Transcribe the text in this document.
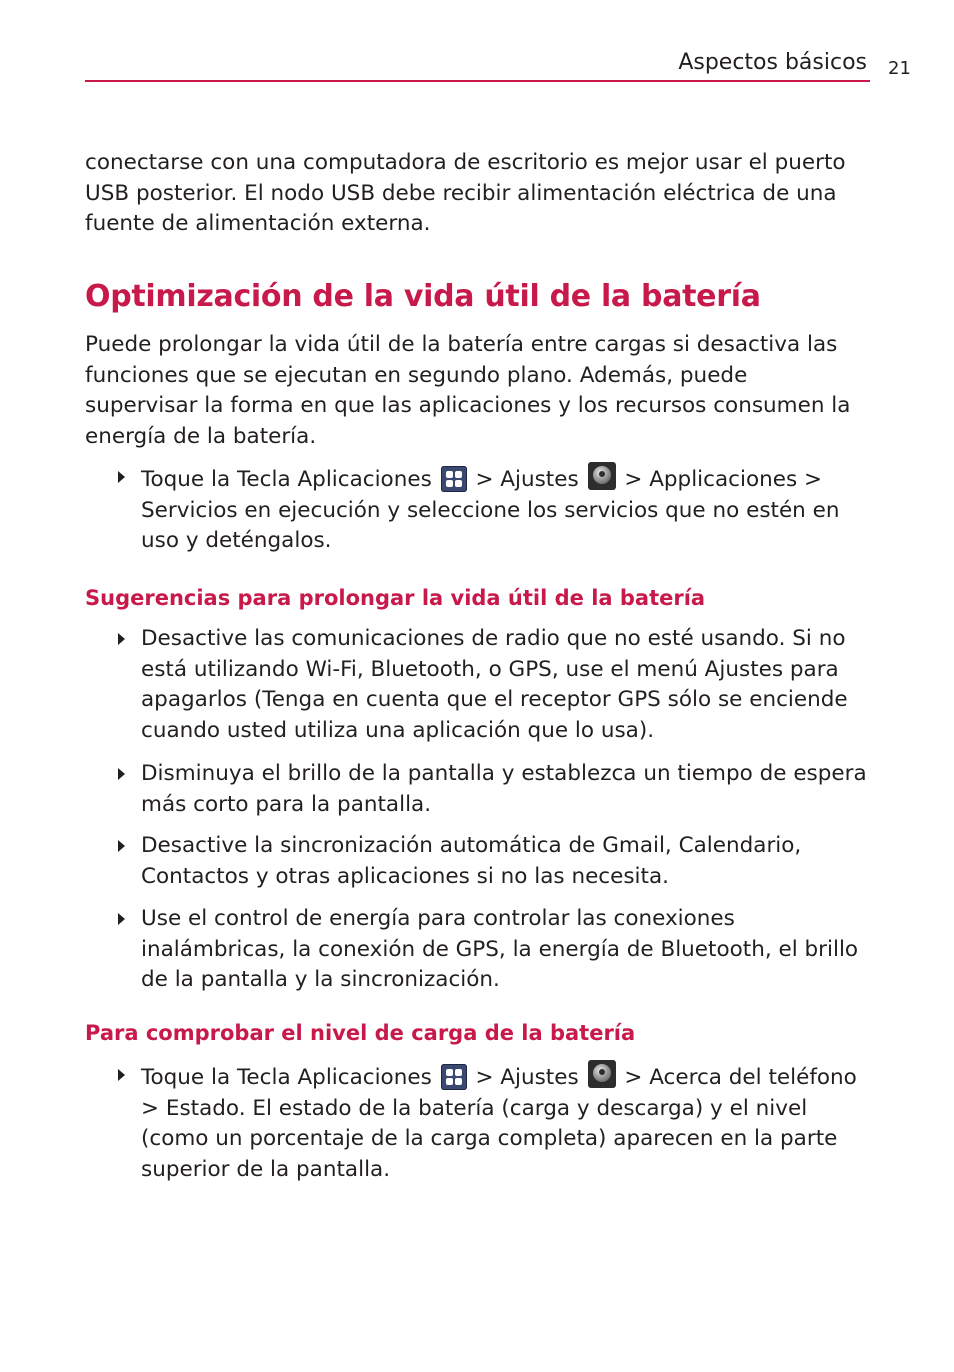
Aspectos básicos 21

conectarse con una computadora de escritorio es mejor usar el puerto USB posterior. El nodo USB debe recibir alimentación eléctrica de una fuente de alimentación externa.

Optimización de la vida útil de la batería

Puede prolongar la vida útil de la batería entre cargas si desactiva las funciones que se ejecutan en segundo plano. Además, puede supervisar la forma en que las aplicaciones y los recursos consumen la energía de la batería.

Toque la Tecla Aplicaciones
> Ajustes
> Applicaciones > Servicios en ejecución y seleccione los servicios que no estén en uso y deténgalos.
Sugerencias para prolongar la vida útil de la batería
Desactive las comunicaciones de radio que no esté usando. Si no está utilizando Wi-Fi, Bluetooth, o GPS, use el menú Ajustes para apagarlos (Tenga en cuenta que el receptor GPS sólo se enciende cuando usted utiliza una aplicación que lo usa).
Disminuya el brillo de la pantalla y establezca un tiempo de espera más corto para la pantalla.
Desactive la sincronización automática de Gmail, Calendario, Contactos y otras aplicaciones si no las necesita.
Use el control de energía para controlar las conexiones inalámbricas, la conexión de GPS, la energía de Bluetooth, el brillo de la pantalla y la sincronización.
Para comprobar el nivel de carga de la batería
Toque la Tecla Aplicaciones
> Ajustes
> Acerca del teléfono > Estado. El estado de la batería (carga y descarga) y el nivel (como un porcentaje de la carga completa) aparecen en la parte superior de la pantalla.
